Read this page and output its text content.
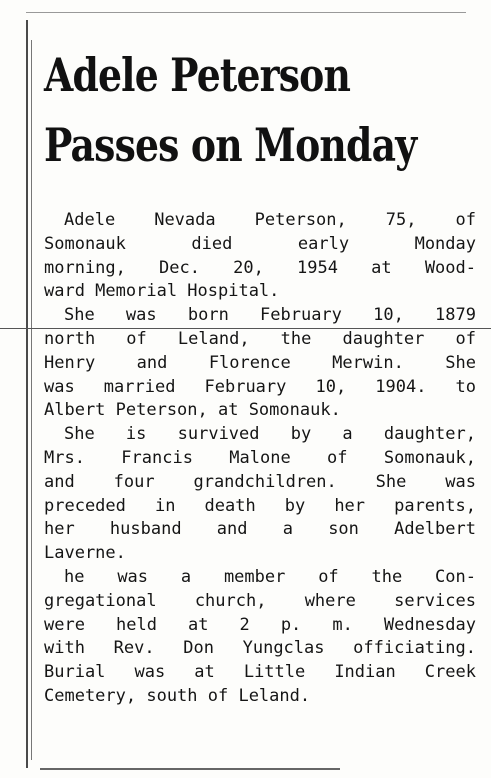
Adele Peterson
Passes on Monday
Adele Nevada Peterson, 75, of
Somonauk died early Monday
morning, Dec. 20, 1954 at Wood-
ward Memorial Hospital.
She was born February 10, 1879
north of Leland, the daughter of
Henry and Florence Merwin. She
was married February 10, 1904. to
Albert Peterson, at Somonauk.
She is survived by a daughter,
Mrs. Francis Malone of Somonauk,
and four grandchildren. She was
preceded in death by her parents,
her husband and a son Adelbert
Laverne.
he was a member of the Con-
gregational church, where services
were held at 2 p. m. Wednesday
with Rev. Don Yungclas officiating.
Burial was at Little Indian Creek
Cemetery, south of Leland.
